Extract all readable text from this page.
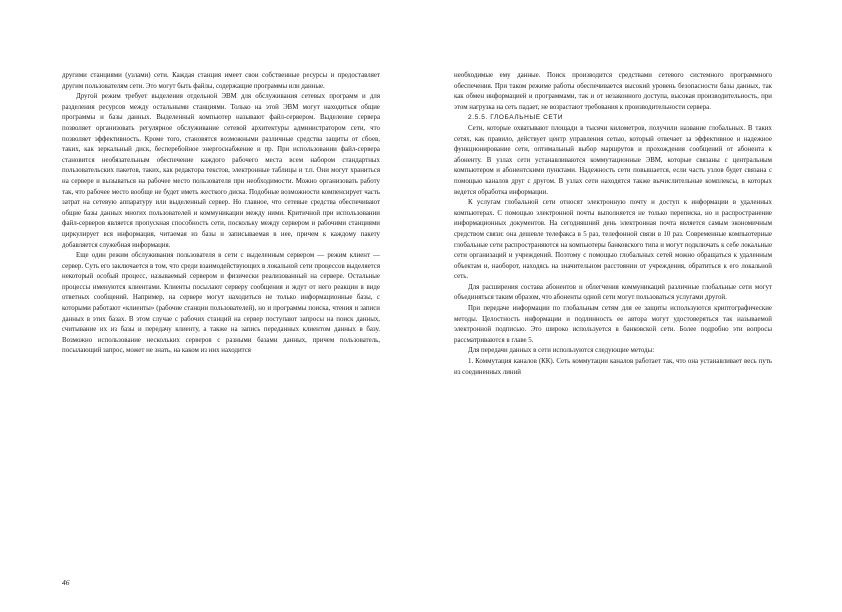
другими станциями (узлами) сети. Каждая станция имеет свои собственные ресурсы и предоставляет другим пользователям сети. Это могут быть файлы, содержащие программы или данные.

Другой режим требует выделения отдельной ЭВМ для обслуживания сетевых программ и для разделения ресурсов между остальными станциями. Только на этой ЭВМ могут находиться общие программы и базы данных. Выделенный компьютер называют файл-сервером. Выделение сервера позволяет организовать регулярное обслуживание сетевой архитектуры администратором сети, что позволяет эффективность. Кроме того, становятся возможными различные средства защиты от сбоев, таких, как зеркальный диск, бесперебойное энергоснабжение и пр. При использовании файл-сервера становится необязательным обеспечение каждого рабочего места всем набором стандартных пользовательских пакетов, таких, как редактора текстов, электронные таблицы и т.п. Они могут храниться на сервере и вызываться на рабочее место пользователя при необходимости. Можно организовать работу так, что рабочее место вообще не будет иметь жесткого диска. Подобные возможности компенсирует часть затрат на сетевую аппаратуру или выделенный сервер. Но главное, что сетевые средства обеспечивают общие базы данных многих пользователей и коммуникации между ними. Критичной при использовании файл-серверов является пропускная способность сети, поскольку между сервером и рабочими станциями циркулирует вся информация, читаемая из базы и записываемая в нее, причем к каждому пакету добавляется служебная информация.

Еще один режим обслуживания пользователя в сети с выделенным сервером — режим клиент — сервер. Суть его заключается в том, что среди взаимодействующих в локальной сети процессов выделяется некоторый особый процесс, называемый сервером и физически реализованный на сервере. Остальные процессы именуются клиентами. Клиенты посылают серверу сообщения и ждут от него реакции в виде ответных сообщений. Например, на сервере могут находиться не только информационные базы, с которыми работают «клиенты» (рабочие станции пользователей), но и программы поиска, чтения и записи данных в этих базах. В этом случае с рабочих станций на сервер поступают запросы на поиск данных, считывание их из базы и передачу клиенту, а также на запись переданных клиентом данных в базу. Возможно использование нескольких серверов с разными базами данных, причем пользователь, посылающий запрос, может не знать, на каком из них находится

необходимые ему данные. Поиск производится средствами сетевого системного программного обеспечения. При таком режиме работы обеспечивается высокий уровень безопасности базы данных, так как обмен информацией и программами, так и от незаконного доступа, высокая производительность, при этом нагрузка на сеть падает, не возрастают требования к производительности сервера.

2.5.5. ГЛОБАЛЬНЫЕ СЕТИ

Сети, которые охватывают площади в тысячи километров, получили название глобальных. В таких сетях, как правило, действует центр управления сетью, который отвечает за эффективное и надежное функционирование сети, оптимальный выбор маршрутов и прохождения сообщений от абонента к абоненту. В узлах сети устанавливаются коммутационные ЭВМ, которые связаны с центральным компьютером и абонентскими пунктами. Надежность сети повышается, если часть узлов будет связана с помощью каналов друг с другом. В узлах сети находятся также вычислительные комплексы, в которых ведется обработка информации.

К услугам глобальной сети относят электронную почту и доступ к информации в удаленных компьютерах. С помощью электронной почты выполняется не только переписка, но и распространение информационных документов. На сегодняшний день электронная почта является самым экономичным средством связи: она дешевле телефакса в 5 раз, телефонной связи в 10 раз. Современные компьютерные глобальные сети распространяются на компьютеры банковского типа и могут подключать к себе локальные сети организаций и учреждений. Поэтому с помощью глобальных сетей можно обращаться к удаленным объектам и, наоборот, находясь на значительном расстоянии от учреждения, обратиться к его локальной сеть.

Для расширения состава абонентов и облегчения коммуникаций различные глобальные сети могут объединяться таким образом, что абоненты одной сети могут пользоваться услугами другой.

При передаче информации по глобальным сетям для ее защиты используются криптографические методы. Целостность информации и подлинность ее автора могут удостоверяться так называемой электронной подписью. Это широко используется в банковской сети. Более подробно эти вопросы рассматриваются в главе 5.

Для передачи данных в сети используются следующие методы:

1. Коммутация каналов (КК). Сеть коммутации каналов работает так, что она устанавливает весь путь из соединенных линий

46
